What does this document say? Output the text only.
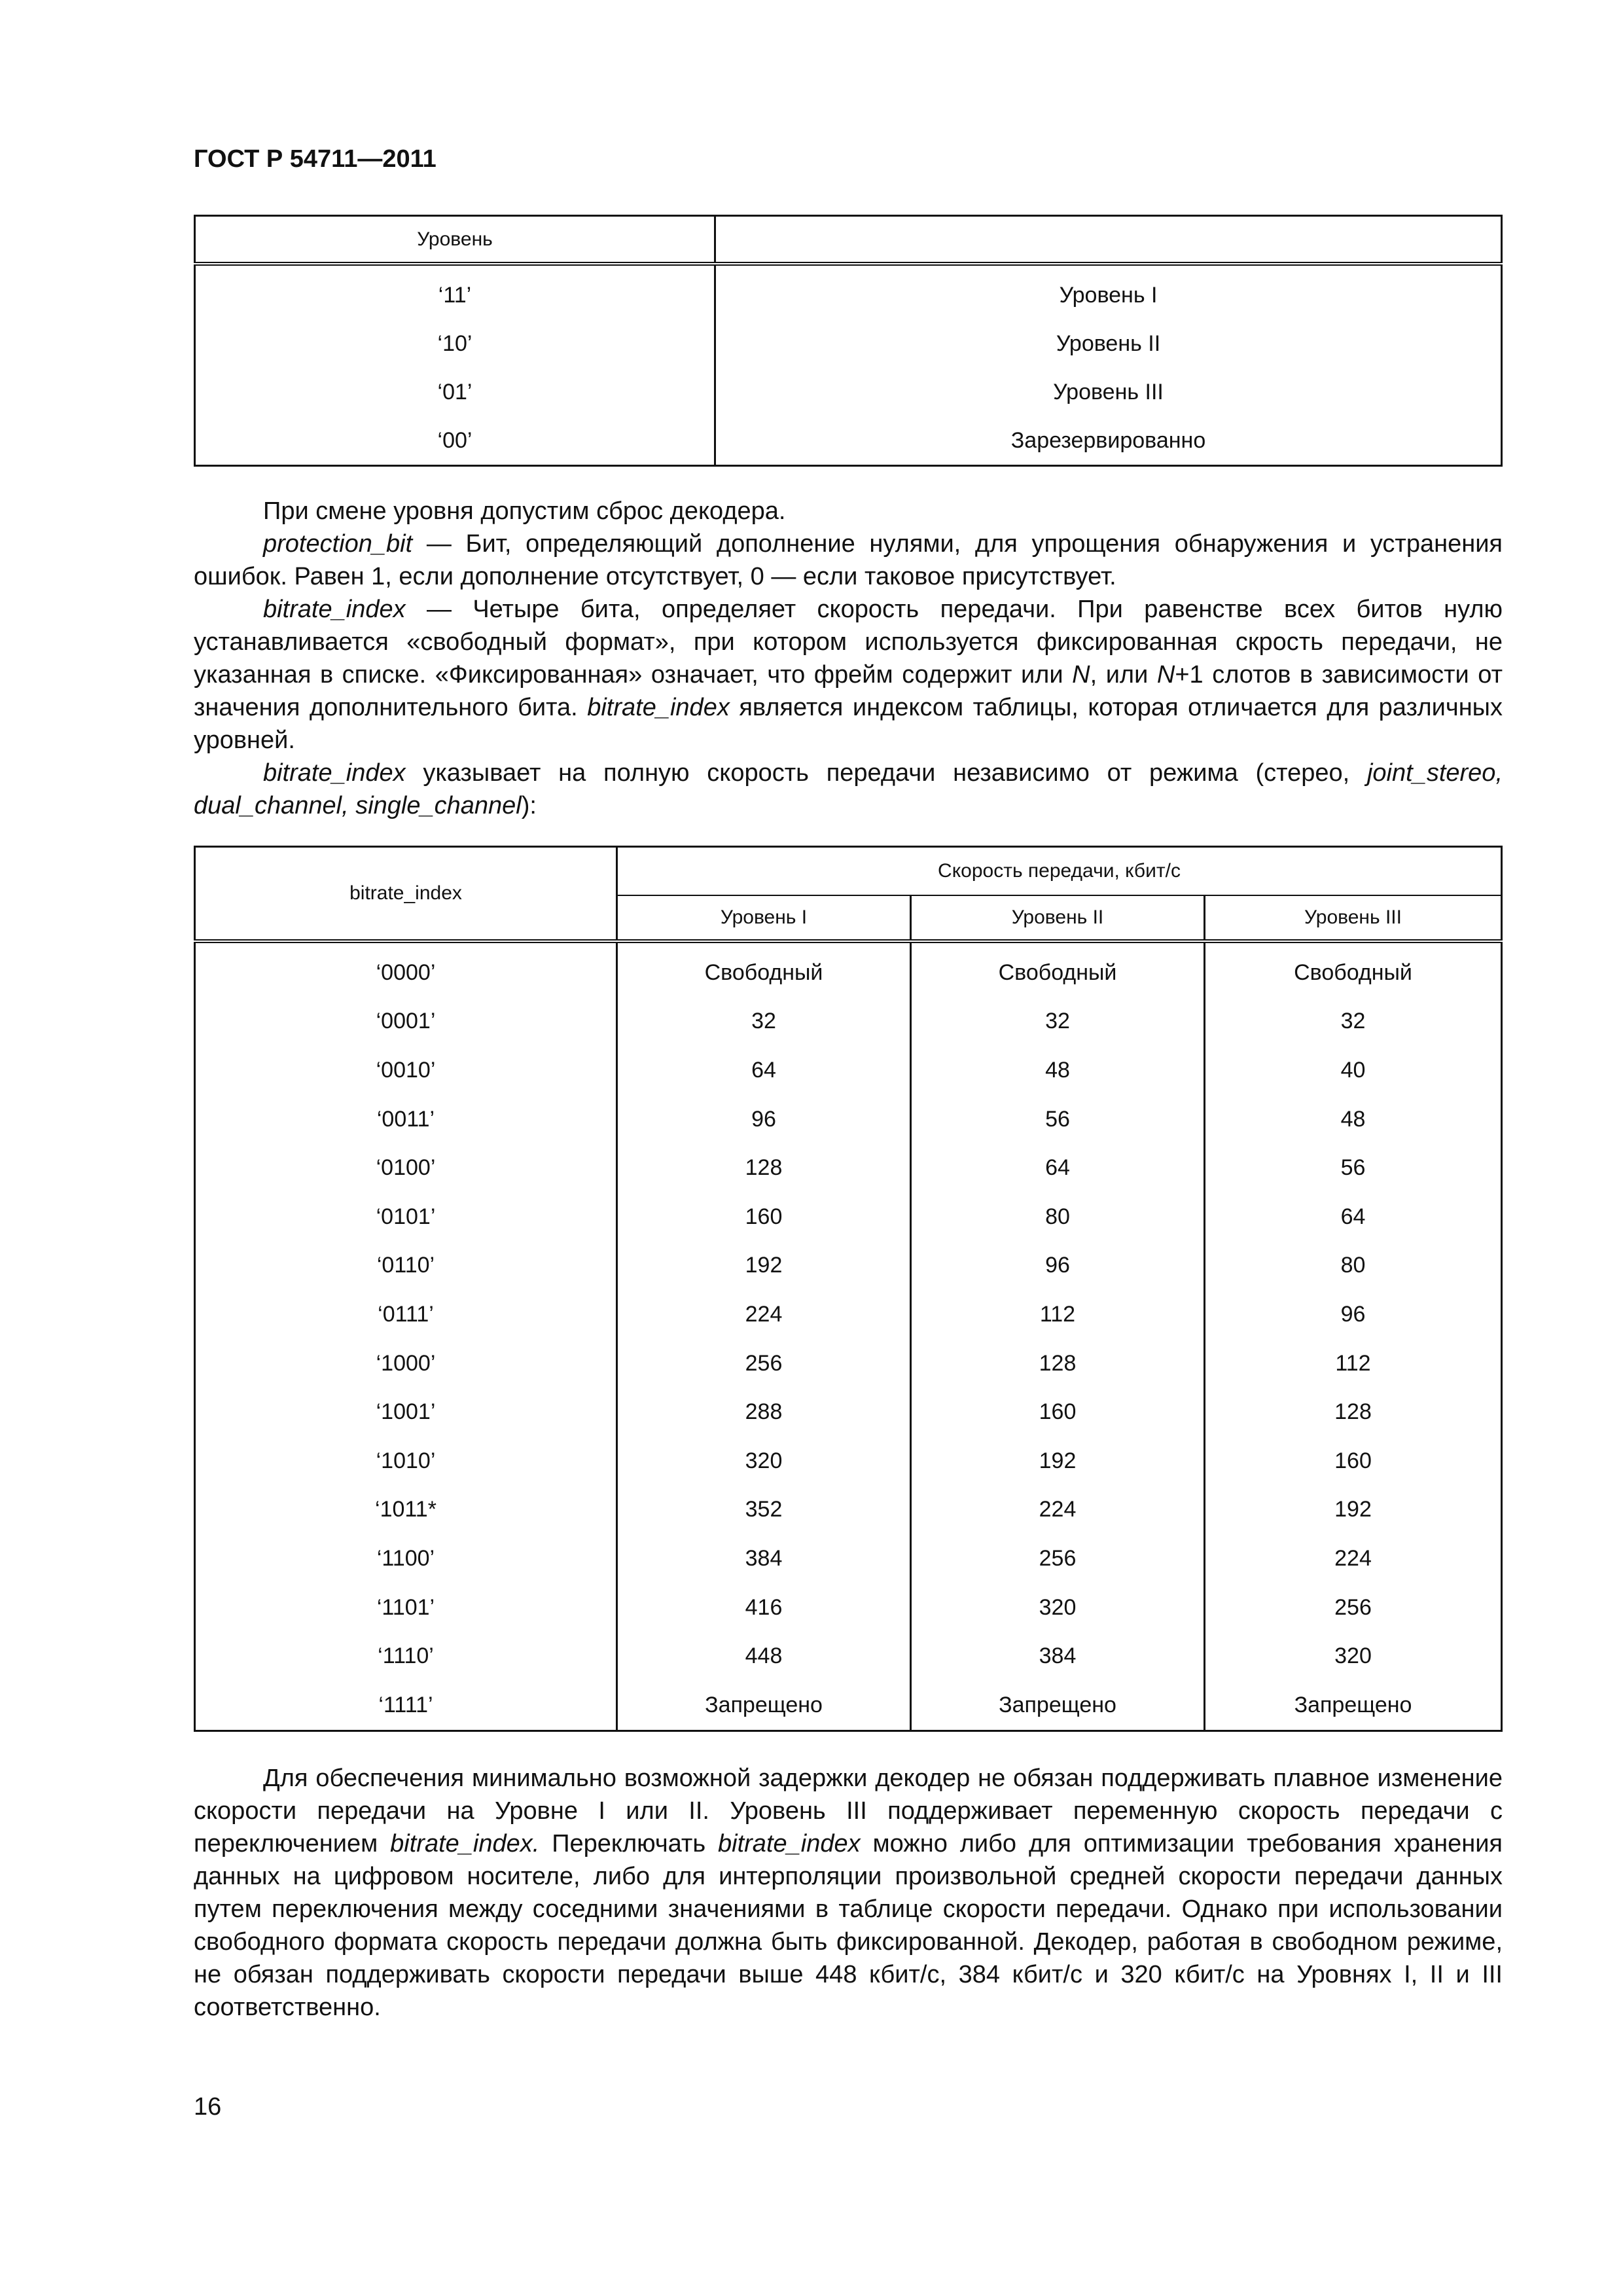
ГОСТ Р 54711—2011
Уровень	
‘11’	Уровень I
‘10’	Уровень II
‘01’	Уровень III
‘00’	Зарезервированно
При смене уровня допустим сброс декодера.
protection_bit — Бит, определяющий дополнение нулями, для упрощения обнаружения и устранения ошибок. Равен 1, если дополнение отсутствует, 0 — если таковое присутствует.
bitrate_index — Четыре бита, определяет скорость передачи. При равенстве всех битов нулю устанавливается «свободный формат», при котором используется фиксированная скрость передачи, не указанная в списке. «Фиксированная» означает, что фрейм содержит или N, или N+1 слотов в зависимости от значения дополнительного бита. bitrate_index является индексом таблицы, которая отличается для различных уровней.
bitrate_index указывает на полную скорость передачи независимо от режима (стерео, joint_stereo, dual_channel, single_channel):
bitrate_index	Скорость передачи, кбит/с		
	Уровень I	Уровень II	Уровень III
‘0000’	Свободный	Свободный	Свободный
‘0001’	32	32	32
‘0010’	64	48	40
‘0011’	96	56	48
‘0100’	128	64	56
‘0101’	160	80	64
‘0110’	192	96	80
‘0111’	224	112	96
‘1000’	256	128	112
‘1001’	288	160	128
‘1010’	320	192	160
‘1011*	352	224	192
‘1100’	384	256	224
‘1101’	416	320	256
‘1110’	448	384	320
‘1111’	Запрещено	Запрещено	Запрещено
Для обеспечения минимально возможной задержки декодер не обязан поддерживать плавное изменение скорости передачи на Уровне I или II. Уровень III поддерживает переменную скорость передачи с переключением bitrate_index. Переключать bitrate_index можно либо для оптимизации требования хранения данных на цифровом носителе, либо для интерполяции произвольной средней скорости передачи данных путем переключения между соседними значениями в таблице скорости передачи. Однако при использовании свободного формата скорость передачи должна быть фиксированной. Декодер, работая в свободном режиме, не обязан поддерживать скорости передачи выше 448 кбит/с, 384 кбит/с и 320 кбит/с на Уровнях I, II и III соответственно.
16
